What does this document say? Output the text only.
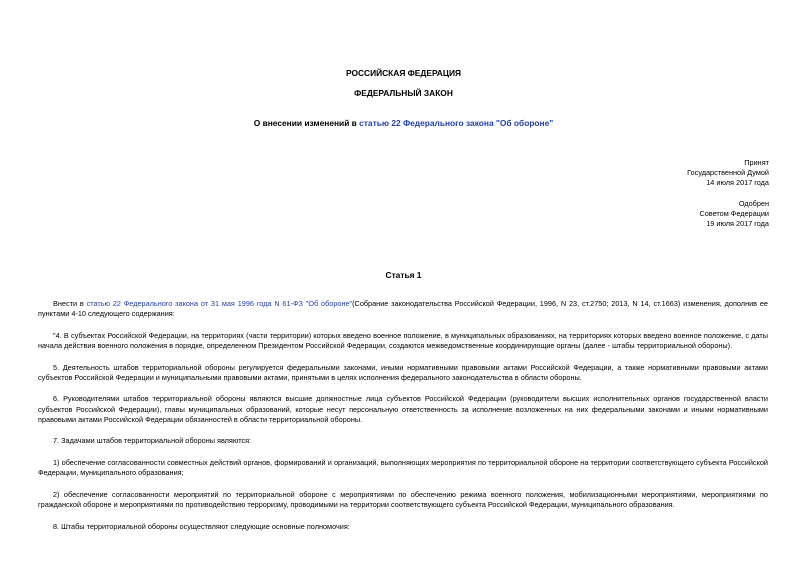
РОССИЙСКАЯ ФЕДЕРАЦИЯ
ФЕДЕРАЛЬНЫЙ ЗАКОН
О внесении изменений в статью 22 Федерального закона "Об обороне"
Принят
Государственной Думой
14 июля 2017 года
Одобрен
Советом Федерации
19 июля 2017 года
Статья 1

Внести в статью 22 Федерального закона от 31 мая 1996 года N 61-ФЗ "Об обороне"(Собрание законодательства Российской Федерации, 1996, N 23, ст.2750; 2013, N 14, ст.1663) изменения, дополнив ее пунктами 4-10 следующего содержания:

"4. В субъектах Российской Федерации, на территориях (части территории) которых введено военное положение, в муниципальных образованиях, на территориях которых введено военное положение, с даты начала действия военного положения в порядке, определенном Президентом Российской Федерации, создаются межведомственные координирующие органы (далее - штабы территориальной обороны).

5. Деятельность штабов территориальной обороны регулируется федеральными законами, иными нормативными правовыми актами Российской Федерации, а также нормативными правовыми актами субъектов Российской Федерации и муниципальными правовыми актами, принятыми в целях исполнения федерального законодательства в области обороны.

6. Руководителями штабов территориальной обороны являются высшие должностные лица субъектов Российской Федерации (руководители высших исполнительных органов государственной власти субъектов Российской Федерации), главы муниципальных образований, которые несут персональную ответственность за исполнение возложенных на них федеральными законами и иными нормативными правовыми актами Российской Федерации обязанностей в области территориальной обороны.

7. Задачами штабов территориальной обороны являются:

1) обеспечение согласованности совместных действий органов, формирований и организаций, выполняющих мероприятия по территориальной обороне на территории соответствующего субъекта Российской Федерации, муниципального образования;

2) обеспечение согласованности мероприятий по территориальной обороне с мероприятиями по обеспечению режима военного положения, мобилизационными мероприятиями, мероприятиями по гражданской обороне и мероприятиями по противодействию терроризму, проводимыми на территории соответствующего субъекта Российской Федерации, муниципального образования.

8. Штабы территориальной обороны осуществляют следующие основные полномочия:
